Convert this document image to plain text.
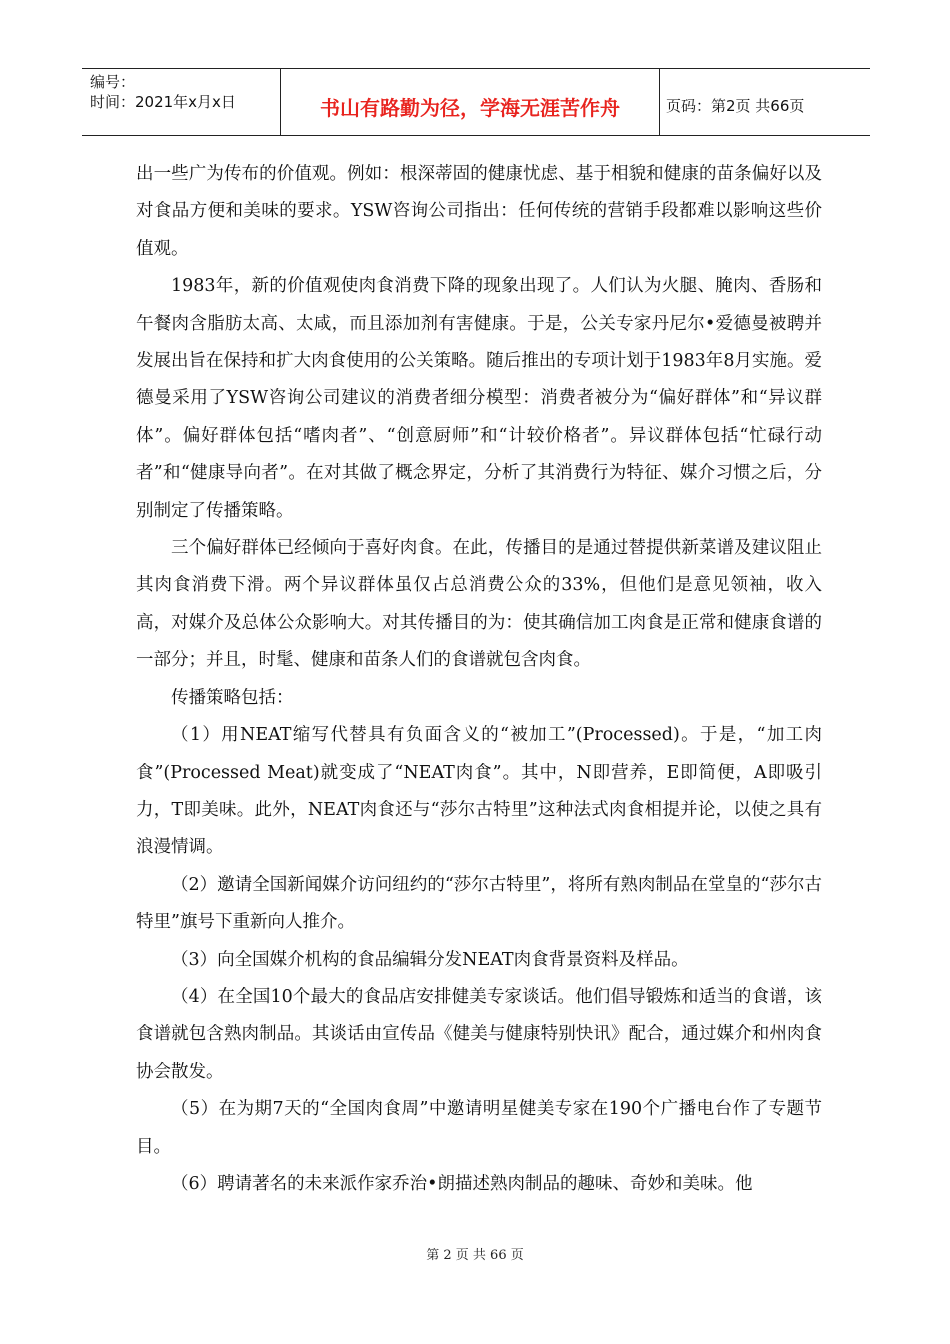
编号：
时间：2021年x月x日	书山有路勤为径，学海无涯苦作舟	页码：第2页 共66页

出一些广为传布的价值观。例如：根深蒂固的健康忧虑、基于相貌和健康的苗条偏好以及对食品方便和美味的要求。YSW咨询公司指出：任何传统的营销手段都难以影响这些价值观。

1983年，新的价值观使肉食消费下降的现象出现了。人们认为火腿、腌肉、香肠和午餐肉含脂肪太高、太咸，而且添加剂有害健康。于是，公关专家丹尼尔•爱德曼被聘并发展出旨在保持和扩大肉食使用的公关策略。随后推出的专项计划于1983年8月实施。爱德曼采用了YSW咨询公司建议的消费者细分模型：消费者被分为“偏好群体”和“异议群体”。偏好群体包括“嗜肉者”、“创意厨师”和“计较价格者”。异议群体包括“忙碌行动者”和“健康导向者”。在对其做了概念界定，分析了其消费行为特征、媒介习惯之后，分别制定了传播策略。

三个偏好群体已经倾向于喜好肉食。在此，传播目的是通过替提供新菜谱及建议阻止其肉食消费下滑。两个异议群体虽仅占总消费公众的33%，但他们是意见领袖，收入高，对媒介及总体公众影响大。对其传播目的为：使其确信加工肉食是正常和健康食谱的一部分；并且，时髦、健康和苗条人们的食谱就包含肉食。

传播策略包括：

（1）用NEAT缩写代替具有负面含义的“被加工”(Processed)。于是，“加工肉食”(Processed Meat)就变成了“NEAT肉食”。其中，N即营养，E即简便，A即吸引力，T即美味。此外，NEAT肉食还与“莎尔古特里”这种法式肉食相提并论，以使之具有浪漫情调。

（2）邀请全国新闻媒介访问纽约的“莎尔古特里”，将所有熟肉制品在堂皇的“莎尔古特里”旗号下重新向人推介。

（3）向全国媒介机构的食品编辑分发NEAT肉食背景资料及样品。

（4）在全国10个最大的食品店安排健美专家谈话。他们倡导锻炼和适当的食谱，该食谱就包含熟肉制品。其谈话由宣传品《健美与健康特别快讯》配合，通过媒介和州肉食协会散发。

（5）在为期7天的“全国肉食周”中邀请明星健美专家在190个广播电台作了专题节目。

（6）聘请著名的未来派作家乔治•朗描述熟肉制品的趣味、奇妙和美味。他

第 2 页 共 66 页
